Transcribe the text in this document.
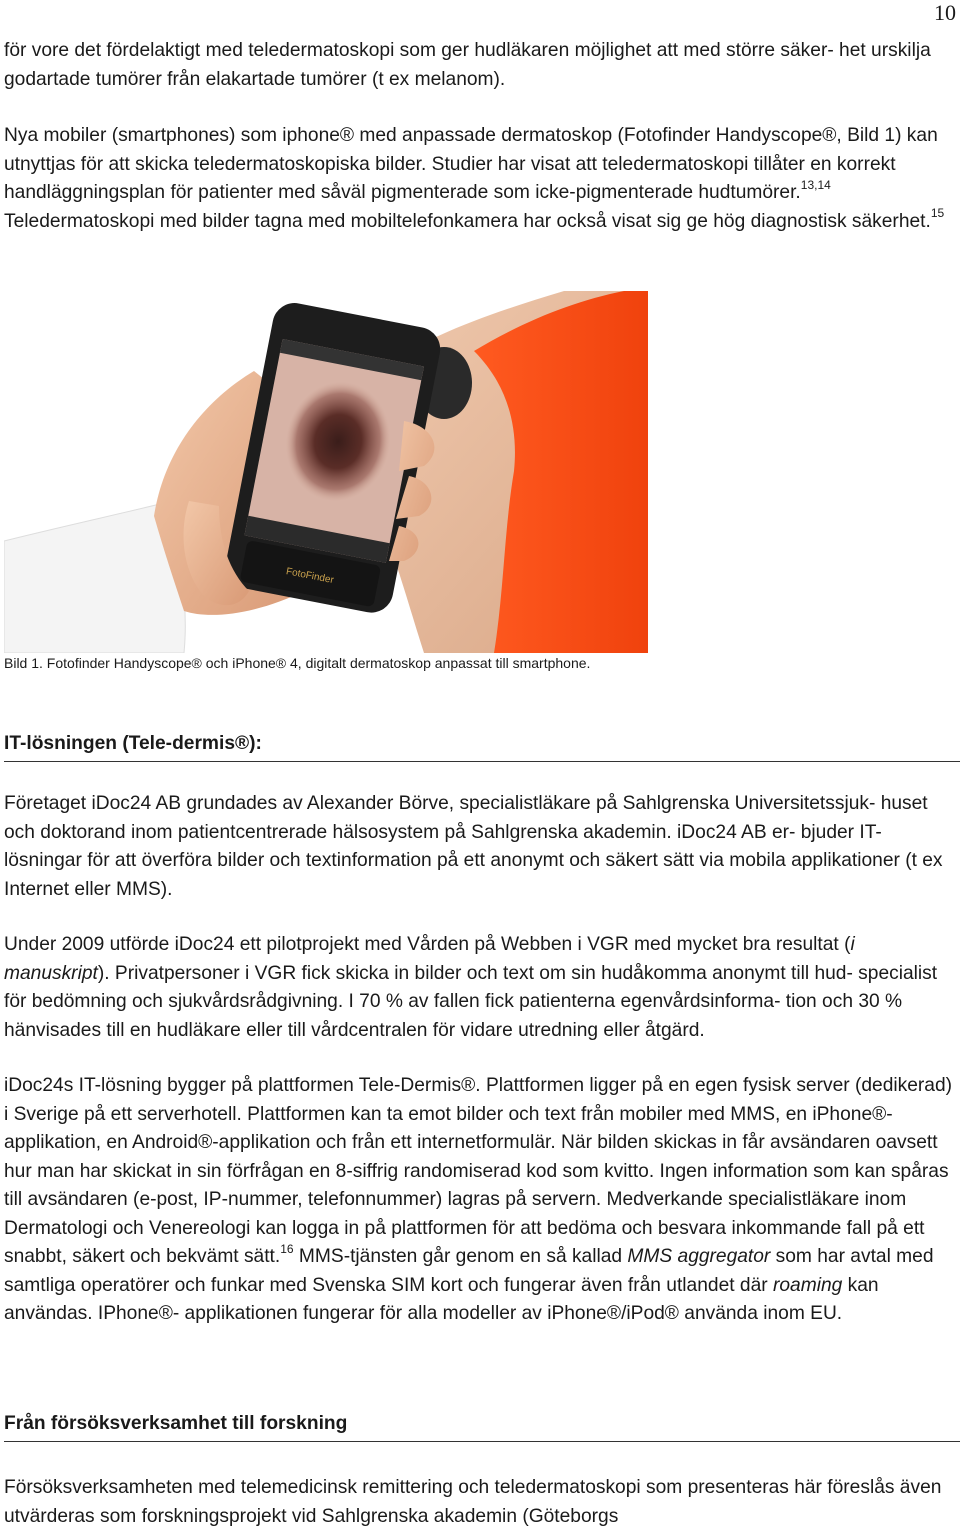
10

för vore det fördelaktigt med teledermatoskopi som ger hudläkaren möjlighet att med större säker- het urskilja godartade tumörer från elakartade tumörer (t ex melanom).

Nya mobiler (smartphones) som iphone® med anpassade dermatoskop (Fotofinder Handyscope®, Bild 1) kan utnyttjas för att skicka teledermatoskopiska bilder. Studier har visat att teledermatoskopi tillåter en korrekt handläggningsplan för patienter med såväl pigmenterade som icke-pigmenterade hudtumörer.$^{13,14}$ Teledermatoskopi med bilder tagna med mobiltelefonkamera har också visat sig ge hög diagnostisk säkerhet.$^{15}$

FotoFinder

Bild 1. Fotofinder Handyscope® och iPhone® 4, digitalt dermatoskop anpassat till smartphone.

IT-lösningen (Tele-dermis®):

Företaget iDoc24 AB grundades av Alexander Börve, specialistläkare på Sahlgrenska Universitetssjuk- huset och doktorand inom patientcentrerade hälsosystem på Sahlgrenska akademin. iDoc24 AB er- bjuder IT-lösningar för att överföra bilder och textinformation på ett anonymt och säkert sätt via mobila applikationer (t ex Internet eller MMS).

Under 2009 utförde iDoc24 ett pilotprojekt med Vården på Webben i VGR med mycket bra resultat (i manuskript). Privatpersoner i VGR fick skicka in bilder och text om sin hudåkomma anonymt till hud- specialist för bedömning och sjukvårdsrådgivning. I 70 % av fallen fick patienterna egenvårdsinforma- tion och 30 % hänvisades till en hudläkare eller till vårdcentralen för vidare utredning eller åtgärd.

iDoc24s IT-lösning bygger på plattformen Tele-Dermis®. Plattformen ligger på en egen fysisk server (dedikerad) i Sverige på ett serverhotell. Plattformen kan ta emot bilder och text från mobiler med MMS, en iPhone®-applikation, en Android®-applikation och från ett internetformulär. När bilden skickas in får avsändaren oavsett hur man har skickat in sin förfrågan en 8-siffrig randomiserad kod som kvitto. Ingen information som kan spåras till avsändaren (e-post, IP-nummer, telefonnummer) lagras på servern. Medverkande specialistläkare inom Dermatologi och Venereologi kan logga in på plattformen för att bedöma och besvara inkommande fall på ett snabbt, säkert och bekvämt sätt.$^{16}$ MMS-tjänsten går genom en så kallad MMS aggregator som har avtal med samtliga operatörer och funkar med Svenska SIM kort och fungerar även från utlandet där roaming kan användas. IPhone®- applikationen fungerar för alla modeller av iPhone®/iPod® använda inom EU.

Från försöksverksamhet till forskning

Försöksverksamheten med telemedicinsk remittering och teledermatoskopi som presenteras här föreslås även utvärderas som forskningsprojekt vid Sahlgrenska akademin (Göteborgs
